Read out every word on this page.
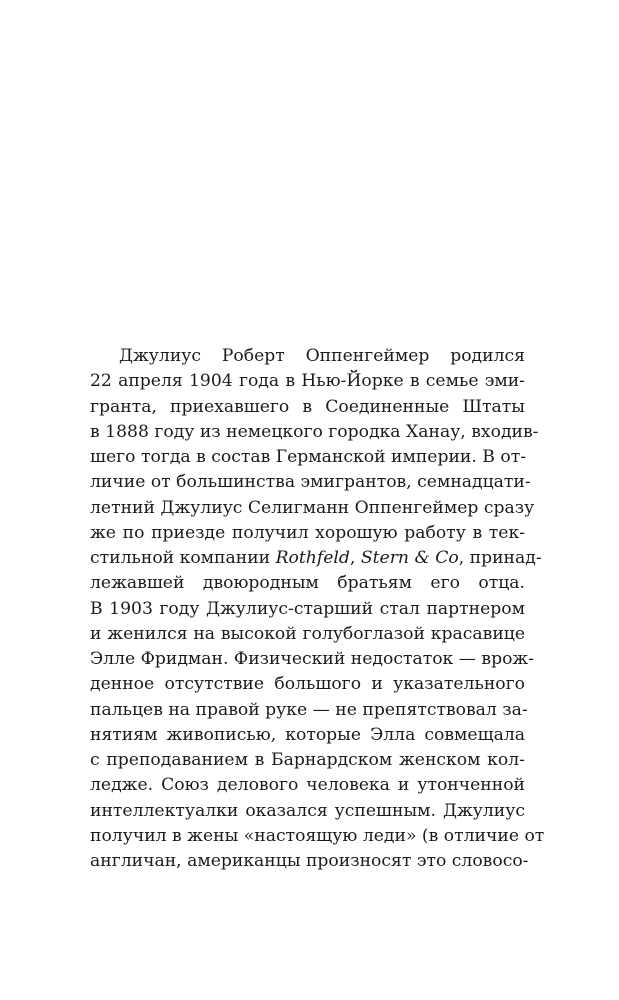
Джулиус Роберт Оппенгеймер родился
22 апреля 1904 года в Нью-Йорке в семье эми-
гранта, приехавшего в Соединенные Штаты
в 1888 году из немецкого городка Ханау, входив-
шего тогда в состав Германской империи. В от-
личие от большинства эмигрантов, семнадцати-
летний Джулиус Селигманн Оппенгеймер сразу
же по приезде получил хорошую работу в тек-
стильной компании Rothfeld, Stern & Co, принад-
лежавшей двоюродным братьям его отца.
В 1903 году Джулиус-старший стал партнером
и женился на высокой голубоглазой красавице
Элле Фридман. Физический недостаток — врож-
денное отсутствие большого и указательного
пальцев на правой руке — не препятствовал за-
нятиям живописью, которые Элла совмещала
с преподаванием в Барнардском женском кол-
ледже. Союз делового человека и утонченной
интеллектуалки оказался успешным. Джулиус
получил в жены «настоящую леди» (в отличие от
англичан, американцы произносят это словосо-
